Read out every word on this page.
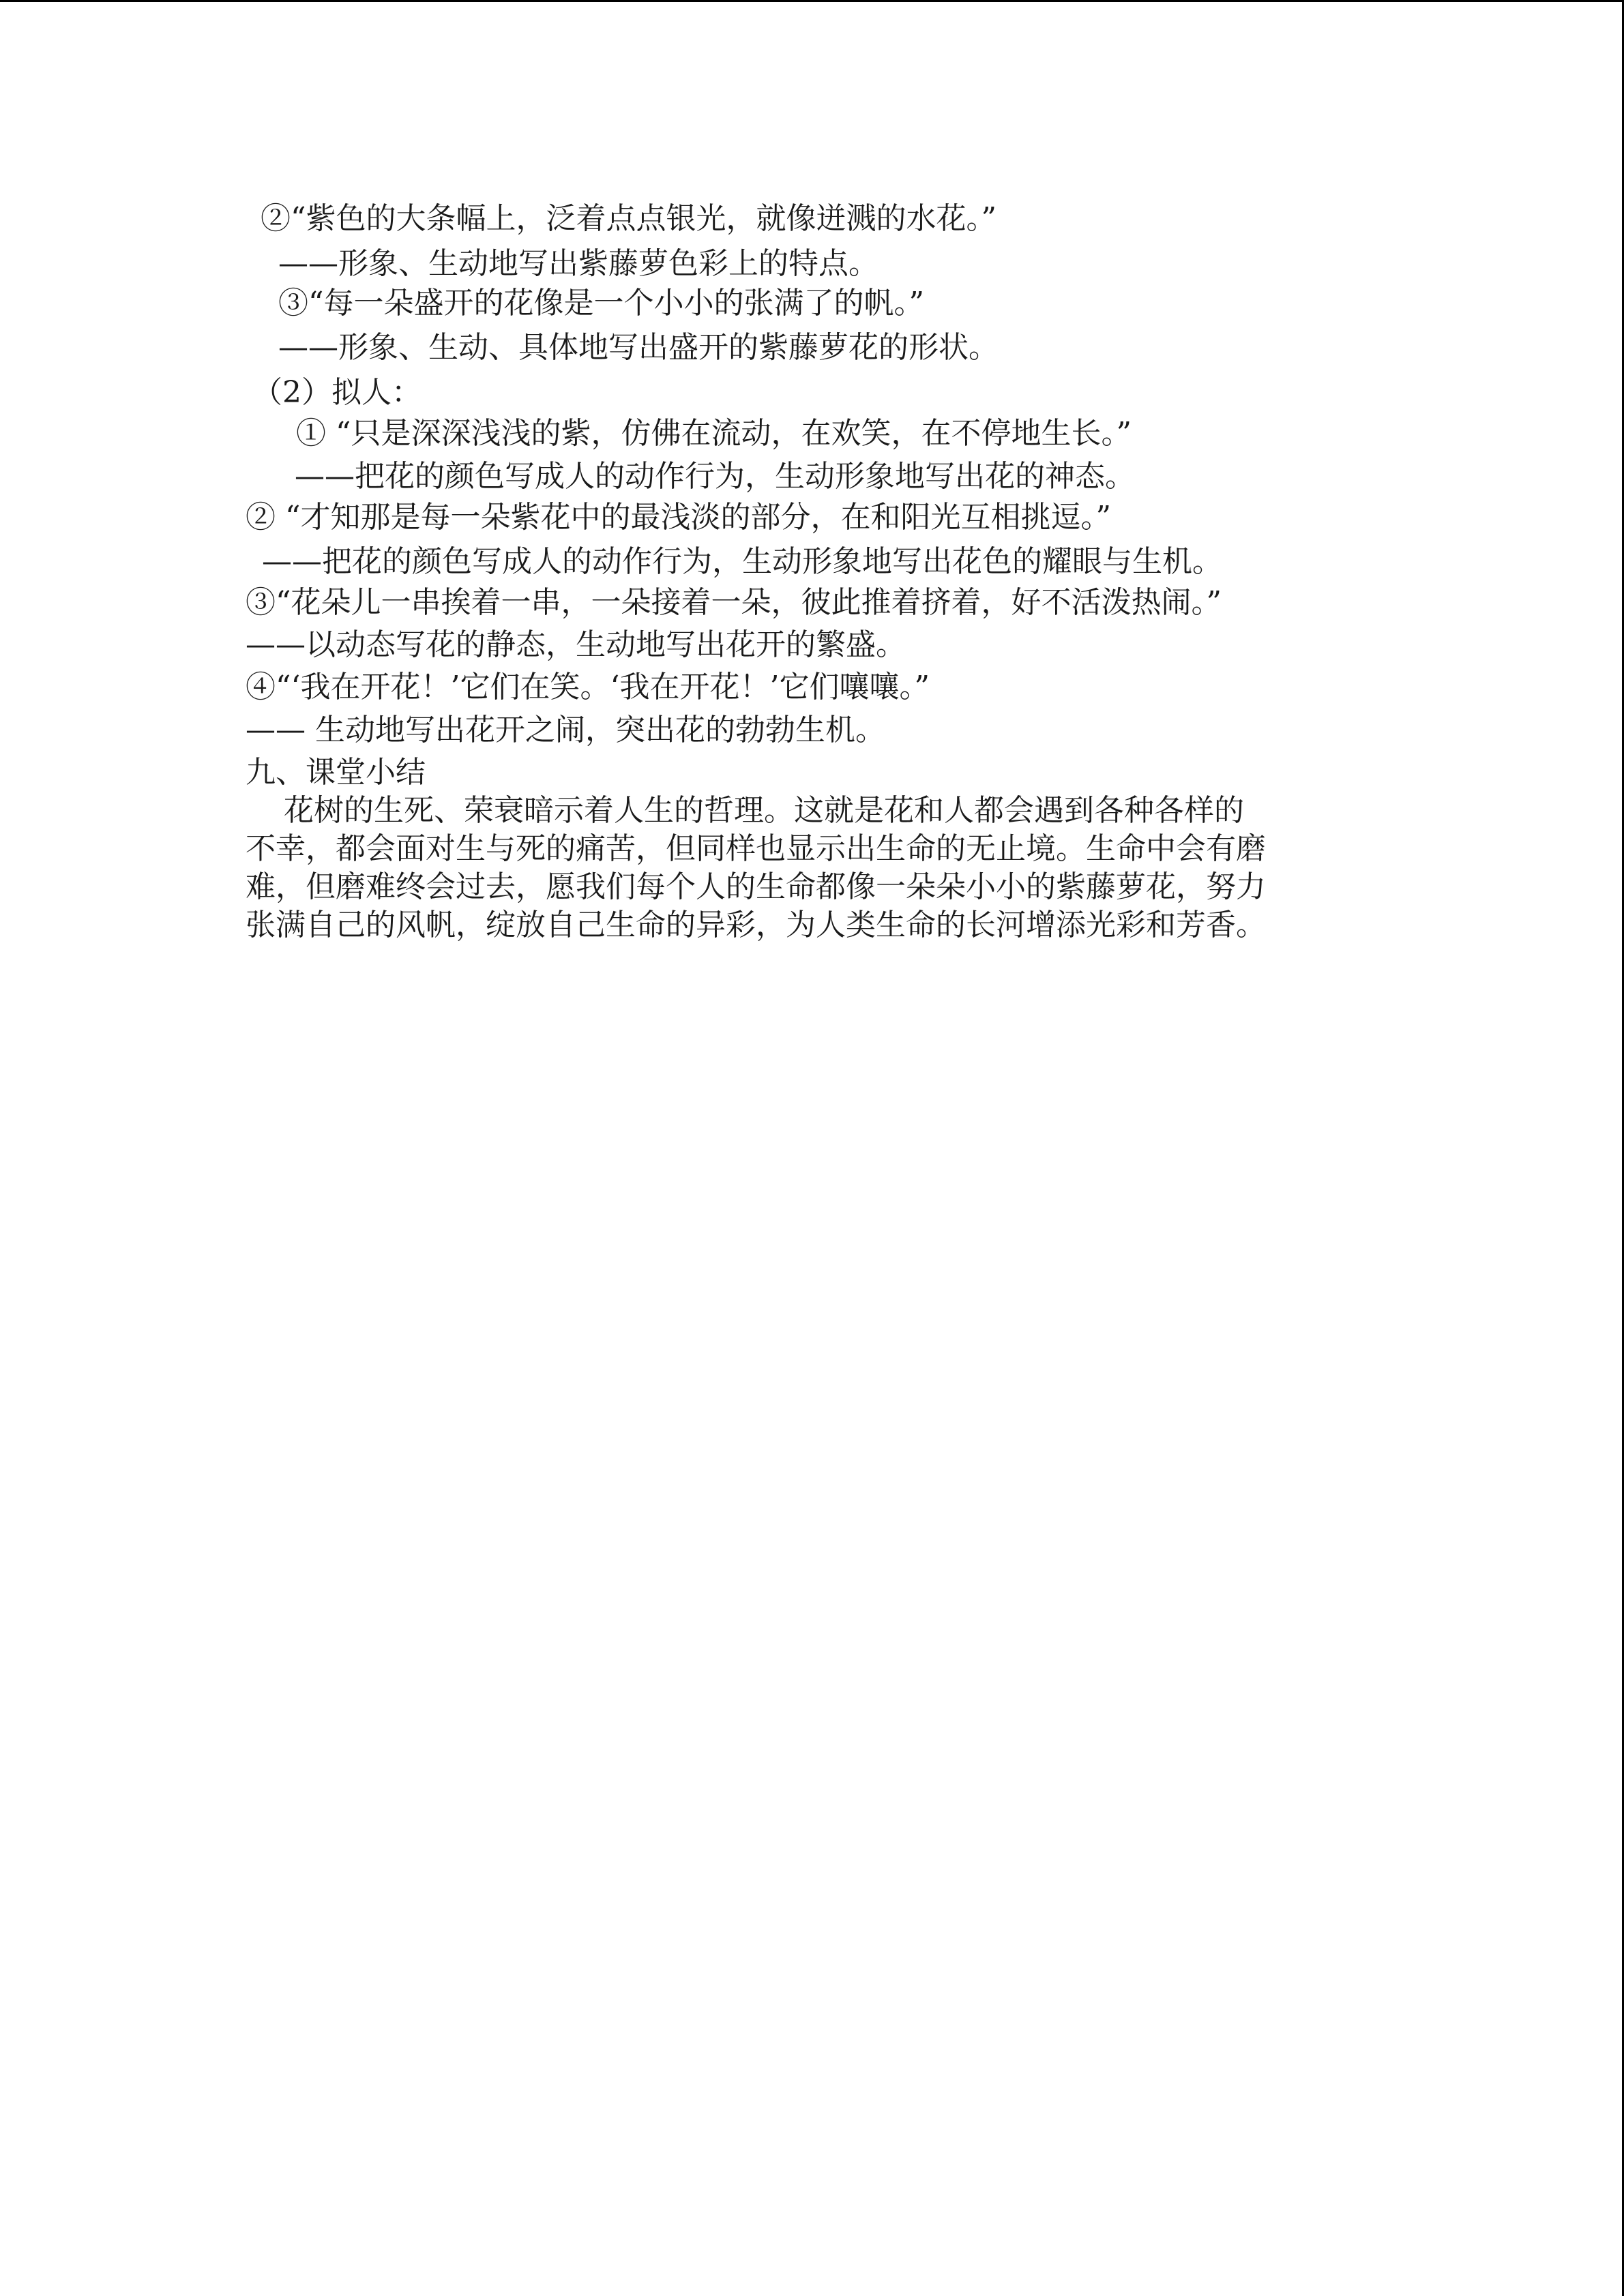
②“紫色的大条幅上，泛着点点银光，就像迸溅的水花。”
——形象、生动地写出紫藤萝色彩上的特点。
③“每一朵盛开的花像是一个小小的张满了的帆。”
——形象、生动、具体地写出盛开的紫藤萝花的形状。
（2）拟人：
① “只是深深浅浅的紫，仿佛在流动，在欢笑，在不停地生长。”
——把花的颜色写成人的动作行为，生动形象地写出花的神态。
② “才知那是每一朵紫花中的最浅淡的部分，在和阳光互相挑逗。”
——把花的颜色写成人的动作行为，生动形象地写出花色的耀眼与生机。
③“花朵儿一串挨着一串，一朵接着一朵，彼此推着挤着，好不活泼热闹。”
——以动态写花的静态，生动地写出花开的繁盛。
④“‘我在开花！’它们在笑。‘我在开花！’它们嚷嚷。”
—— 生动地写出花开之闹，突出花的勃勃生机。
九、课堂小结
花树的生死、荣衰暗示着人生的哲理。这就是花和人都会遇到各种各样的
不幸，都会面对生与死的痛苦，但同样也显示出生命的无止境。生命中会有磨
难，但磨难终会过去，愿我们每个人的生命都像一朵朵小小的紫藤萝花，努力
张满自己的风帆，绽放自己生命的异彩，为人类生命的长河增添光彩和芳香。
